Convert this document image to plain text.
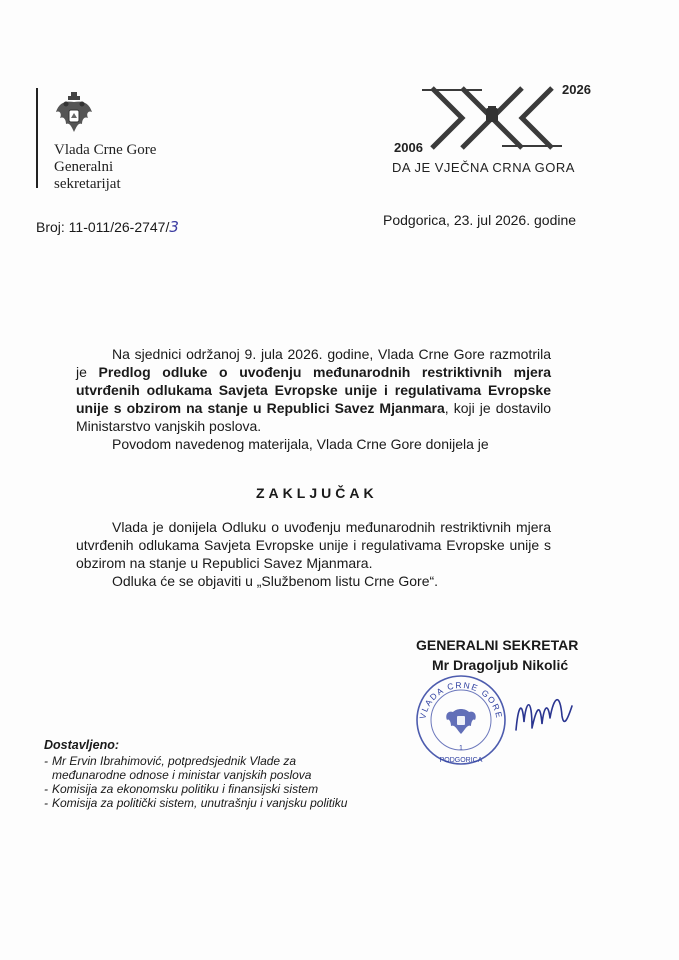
Vlada Crne Gore
Generalni
sekretarijat
2006
2026
DA JE VJEČNA CRNA GORA
Broj: 11-011/26-2747/3	Podgorica, 23. jul 2026. godine

Na sjednici održanoj 9. jula 2026. godine, Vlada Crne Gore razmotrila je Predlog odluke o uvođenju međunarodnih restriktivnih mjera utvrđenih odlukama Savjeta Evropske unije i regulativama Evropske unije s obzirom na stanje u Republici Savez Mjanmara, koji je dostavilo Ministarstvo vanjskih poslova.

Povodom navedenog materijala, Vlada Crne Gore donijela je

ZAKLJUČAK

Vlada je donijela Odluku o uvođenju međunarodnih restriktivnih mjera utvrđenih odlukama Savjeta Evropske unije i regulativama Evropske unije s obzirom na stanje u Republici Savez Mjanmara.

Odluka će se objaviti u „Službenom listu Crne Gore“.

GENERALNI SEKRETAR
Mr Dragoljub Nikolić
1
PODGORICA
VLADA CRNE GORE
Dostavljeno:
- Mr Ervin Ibrahimović, potpredsjednik Vlade za
međunarodne odnose i ministar vanjskih poslova
- Komisija za ekonomsku politiku i finansijski sistem
- Komisija za politički sistem, unutrašnju i vanjsku politiku
